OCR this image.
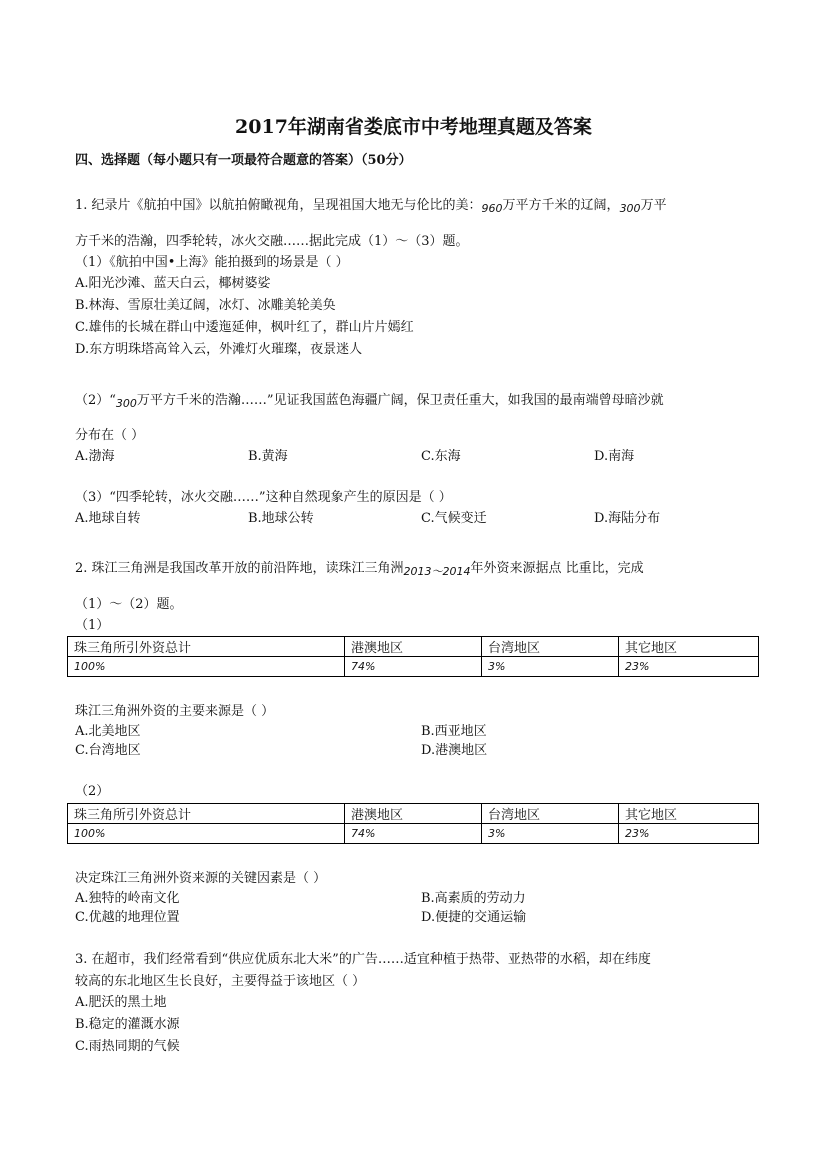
2017年湖南省娄底市中考地理真题及答案
四、选择题（每小题只有一项最符合题意的答案）（50分）
1. 纪录片《航拍中国》以航拍俯瞰视角，呈现祖国大地无与伦比的美：$_{960}$万平方千米的辽阔，$_{300}$万平
方千米的浩瀚，四季轮转，冰火交融……据此完成（1）～（3）题。
（1）《航拍中国•上海》能拍摄到的场景是（ ）
A.阳光沙滩、蓝天白云，椰树婆娑
B.林海、雪原壮美辽阔，冰灯、冰雕美轮美奂
C.雄伟的长城在群山中逶迤延伸，枫叶红了，群山片片嫣红
D.东方明珠塔高耸入云，外滩灯火璀璨，夜景迷人
$(2)“_{300}$万平方千米的浩瀚……”见证我国蓝色海疆广阔，保卫责任重大，如我国的最南端曾母暗沙就
分布在（ ）
A.渤海	B.黄海	C.东海	D.南海
（3）“四季轮转，冰火交融……”这种自然现象产生的原因是（ ）
A.地球自转	B.地球公转	C.气候变迁	D.海陆分布
2. 珠江三角洲是我国改革开放的前沿阵地，读珠江三角洲$_{2013\sim 2014}$年外资来源据点 比重比，完成
（1）～（2）题。
（1）
珠三角所引外资总计	港澳地区	台湾地区	其它地区
100%	74%	3%	23%
珠江三角洲外资的主要来源是（ ）
A.北美地区	B.西亚地区
C.台湾地区	D.港澳地区
（2）
珠三角所引外资总计	港澳地区	台湾地区	其它地区
100%	74%	3%	23%
决定珠江三角洲外资来源的关键因素是（ ）
A.独特的岭南文化	B.高素质的劳动力
C.优越的地理位置	D.便捷的交通运输
3. 在超市，我们经常看到“供应优质东北大米”的广告……适宜种植于热带、亚热带的水稻，却在纬度
较高的东北地区生长良好，主要得益于该地区（ ）
A.肥沃的黑土地
B.稳定的灌溉水源
C.雨热同期的气候
